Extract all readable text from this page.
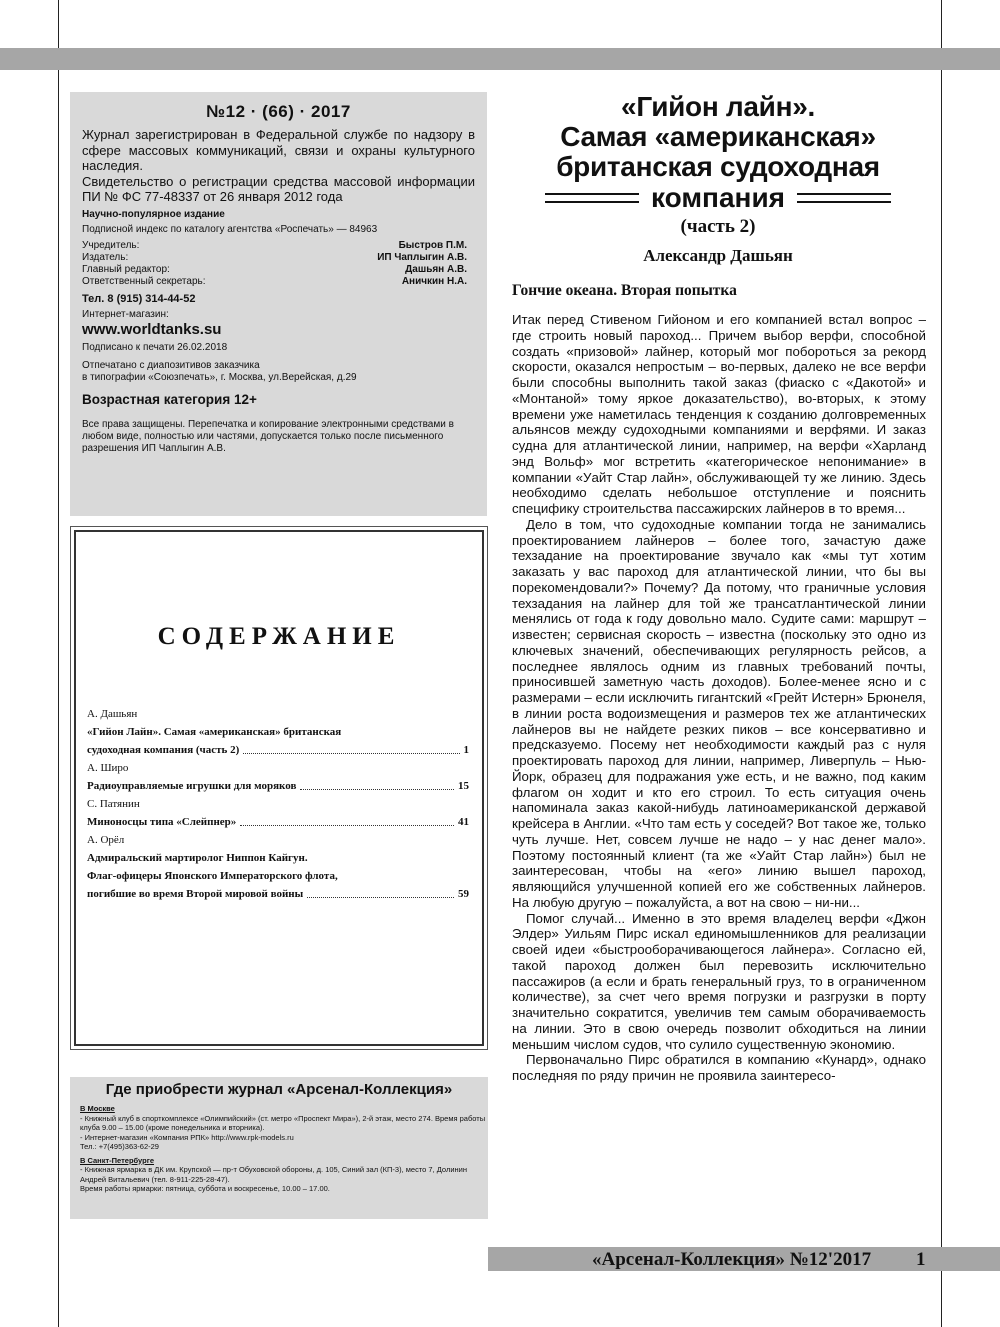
№12 · (66) · 2017

Журнал зарегистрирован в Федеральной службе по надзору в сфере массовых коммуникаций, связи и охраны культурного наследия.

Свидетельство о регистрации средства массовой информации ПИ № ФС 77-48337 от 26 января 2012 года

Научно-популярное издание
Подписной индекс по каталогу агентства «Роспечать» — 84963
Учредитель:	Быстров П.М.
Издатель:	ИП Чаплыгин А.В.
Главный редактор:	Дашьян А.В.
Ответственный секретарь:	Аничкин Н.А.
Тел. 8 (915) 314-44-52
Интернет-магазин:
www.worldtanks.su
Подписано к печати 26.02.2018
Отпечатано с диапозитивов заказчика
в типографии «Союзпечать», г. Москва, ул.Верейская, д.29
Возрастная категория 12+
Все права защищены. Перепечатка и копирование электронными средствами в любом виде, полностью или частями, допускается только после письменного разрешения ИП Чаплыгин А.В.
СОДЕРЖАНИЕ
А. Дашьян
«Гийон Лайн». Самая «американская» британская
судоходная компания (часть 2)	1
А. Широ
Радиоуправляемые игрушки для моряков	15
С. Патянин
Миноносцы типа «Слейпнер»	41
А. Орёл
Адмиральский мартиролог Ниппон Кайгун.
Флаг-офицеры Японского Императорского флота,
погибшие во время Второй мировой войны	59
Где приобрести журнал «Арсенал-Коллекция»
В Москве
- Книжный клуб в спорткомплексе «Олимпийский» (ст. метро «Проспект Мира»), 2-й этаж, место 274. Время работы клуба 9.00 – 15.00 (кроме понедельника и вторника).
- Интернет-магазин «Компания РПК» http://www.rpk-models.ru
Тел.: +7(495)363-62-29
В Санкт-Петербурге
- Книжная ярмарка в ДК им. Крупской — пр-т Обуховской обороны, д. 105, Синий зал (КП-3), место 7, Долинин Андрей Витальевич (тел. 8-911-225-28-47).
Время работы ярмарки: пятница, суббота и воскресенье, 10.00 – 17.00.
«Гийон лайн».
Самая «американская»
британская судоходная
компания
(часть 2)
Александр Дашьян
Гончие океана. Вторая попытка

Итак перед Стивеном Гийоном и его компанией встал вопрос – где строить новый пароход... Причем выбор верфи, способной создать «призовой» лайнер, который мог побороться за рекорд скорости, оказался непростым – во-первых, далеко не все верфи были способны выполнить такой заказ (фиаско с «Дакотой» и «Монтаной» тому яркое доказательство), во-вторых, к этому времени уже наметилась тенденция к созданию долговременных альянсов между судоходными компаниями и верфями. И заказ судна для атлантической линии, например, на верфи «Харланд энд Вольф» мог встретить «категорическое непонимание» в компании «Уайт Стар лайн», обслуживающей ту же линию. Здесь необходимо сделать небольшое отступление и пояснить специфику строительства пассажирских лайнеров в то время...

Дело в том, что судоходные компании тогда не занимались проектированием лайнеров – более того, зачастую даже техзадание на проектирование звучало как «мы тут хотим заказать у вас пароход для атлантической линии, что бы вы порекомендовали?» Почему? Да потому, что граничные условия техзадания на лайнер для той же трансатлантической линии менялись от года к году довольно мало. Судите сами: маршрут – известен; сервисная скорость – известна (поскольку это одно из ключевых значений, обеспечивающих регулярность рейсов, а последнее являлось одним из главных требований почты, приносившей заметную часть доходов). Более-менее ясно и с размерами – если исключить гигантский «Грейт Истерн» Брюнеля, в линии роста водоизмещения и размеров тех же атлантических лайнеров вы не найдете резких пиков – все консервативно и предсказуемо. Посему нет необходимости каждый раз с нуля проектировать пароход для линии, например, Ливерпуль – Нью-Йорк, образец для подражания уже есть, и не важно, под каким флагом он ходит и кто его строил. То есть ситуация очень напоминала заказ какой-нибудь латиноамериканской державой крейсера в Англии. «Что там есть у соседей? Вот такое же, только чуть лучше. Нет, совсем лучше не надо – у нас денег мало». Поэтому постоянный клиент (та же «Уайт Стар лайн») был не заинтересован, чтобы на «его» линию вышел пароход, являющийся улучшенной копией его же собственных лайнеров. На любую другую – пожалуйста, а вот на свою – ни-ни...

Помог случай... Именно в это время владелец верфи «Джон Элдер» Уильям Пирс искал единомышленников для реализации своей идеи «быстрооборачивающегося лайнера». Согласно ей, такой пароход должен был перевозить исключительно пассажиров (а если и брать генеральный груз, то в ограниченном количестве), за счет чего время погрузки и разгрузки в порту значительно сократится, увеличив тем самым оборачиваемость на линии. Это в свою очередь позволит обходиться на линии меньшим числом судов, что сулило существенную экономию.

Первоначально Пирс обратился в компанию «Кунард», однако последняя по ряду причин не проявила заинтересо-

«Арсенал-Коллекция» №12'2017 1
